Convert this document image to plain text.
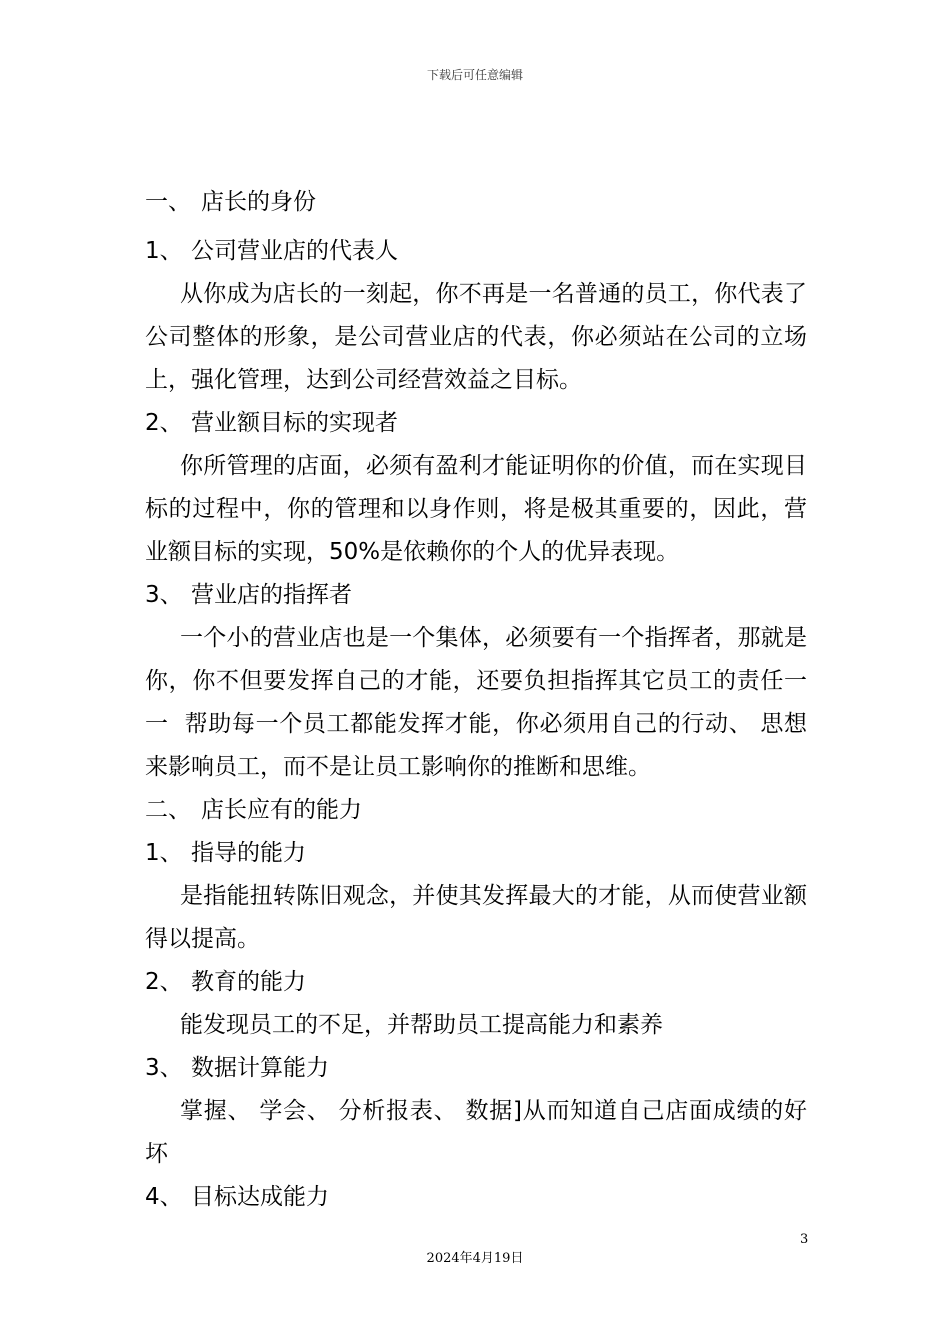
下载后可任意编辑
一、 店长的身份
1、 公司营业店的代表人
从你成为店长的一刻起，你不再是一名普通的员工，你代表了
公司整体的形象，是公司营业店的代表，你必须站在公司的立场
上，强化管理，达到公司经营效益之目标。
2、 营业额目标的实现者
你所管理的店面，必须有盈利才能证明你的价值，而在实现目
标的过程中，你的管理和以身作则，将是极其重要的，因此，营
业额目标的实现，50%是依赖你的个人的优异表现。
3、 营业店的指挥者
一个小的营业店也是一个集体，必须要有一个指挥者，那就是
你，你不但要发挥自己的才能，还要负担指挥其它员工的责任一
一  帮助每一个员工都能发挥才能，你必须用自己的行动、 思想
来影响员工，而不是让员工影响你的推断和思维。
二、 店长应有的能力
1、 指导的能力
是指能扭转陈旧观念，并使其发挥最大的才能，从而使营业额
得以提高。
2、 教育的能力
能发现员工的不足，并帮助员工提高能力和素养
3、 数据计算能力
掌握、 学会、 分析报表、 数据]从而知道自己店面成绩的好
坏
4、 目标达成能力
3
2024年4月19日
